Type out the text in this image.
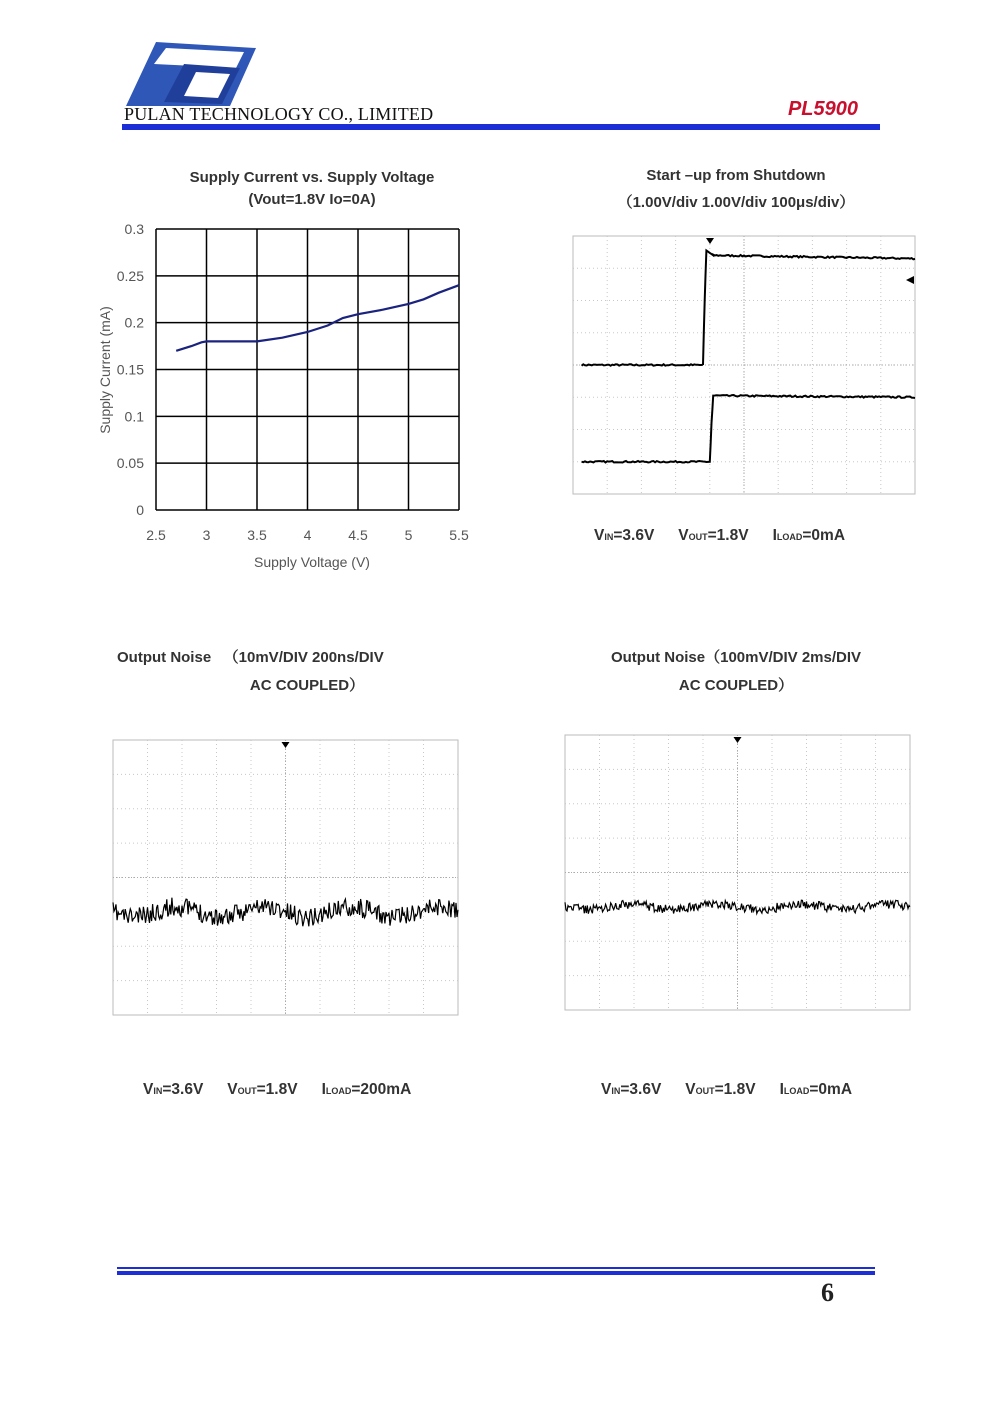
PULAN TECHNOLOGY CO., LIMITED	PL5900
Supply Current vs. Supply Voltage
(Vout=1.8V Io=0A)
Supply Current (mA)
2.5	3	3.5	4	4.5	5	5.5
0
0.05
0.1
0.15
0.2
0.25
0.3
Supply Voltage (V)
Start –up from Shutdown
（1.00V/div 1.00V/div 100μs/div）
VIN=3.6V VOUT=1.8V ILOAD=0mA
Output Noise   （10mV/DIV 200ns/DIV
AC COUPLED）
VIN=3.6V VOUT=1.8V ILOAD=200mA
Output Noise（100mV/DIV 2ms/DIV
AC COUPLED）
VIN=3.6V VOUT=1.8V ILOAD=0mA
6
